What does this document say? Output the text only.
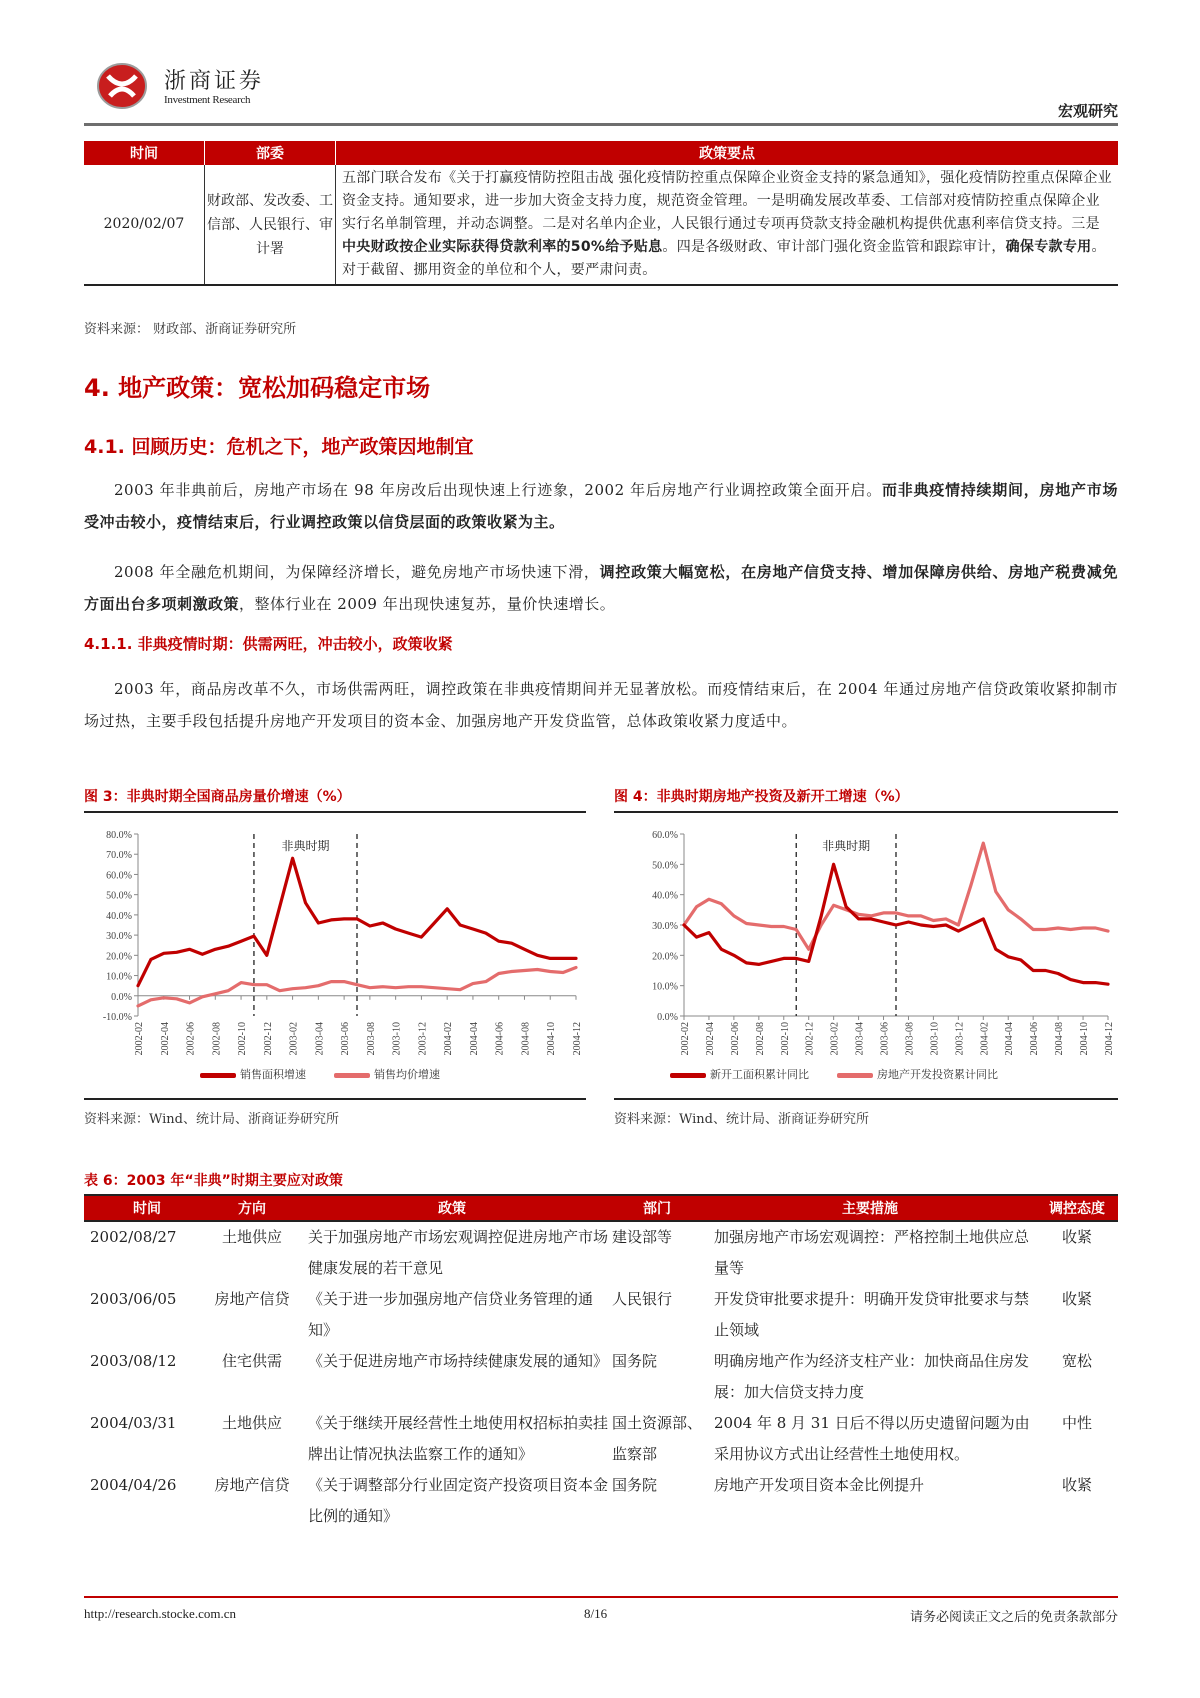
浙商证券
Investment Research
宏观研究
时间	部委	政策要点
2020/02/07	财政部、发改委、工信部、人民银行、审计署	五部门联合发布《关于打赢疫情防控阻击战 强化疫情防控重点保障企业资金支持的紧急通知》，强化疫情防控重点保障企业资金支持。通知要求，进一步加大资金支持力度，规范资金管理。一是明确发展改革委、工信部对疫情防控重点保障企业实行名单制管理，并动态调整。二是对名单内企业，人民银行通过专项再贷款支持金融机构提供优惠利率信贷支持。三是中央财政按企业实际获得贷款利率的50%给予贴息。四是各级财政、审计部门强化资金监管和跟踪审计，确保专款专用。对于截留、挪用资金的单位和个人，要严肃问责。
资料来源： 财政部、浙商证券研究所
4. 地产政策：宽松加码稳定市场
4.1. 回顾历史：危机之下，地产政策因地制宜
2003 年非典前后，房地产市场在 98 年房改后出现快速上行迹象，2002 年后房地产行业调控政策全面开启。而非典疫情持续期间，房地产市场受冲击较小，疫情结束后，行业调控政策以信贷层面的政策收紧为主。
2008 年全融危机期间，为保障经济增长，避免房地产市场快速下滑，调控政策大幅宽松，在房地产信贷支持、增加保障房供给、房地产税费减免方面出台多项刺激政策，整体行业在 2009 年出现快速复苏，量价快速增长。
4.1.1. 非典疫情时期：供需两旺，冲击较小，政策收紧
2003 年，商品房改革不久，市场供需两旺，调控政策在非典疫情期间并无显著放松。而疫情结束后，在 2004 年通过房地产信贷政策收紧抑制市场过热，主要手段包括提升房地产开发项目的资本金、加强房地产开发贷监管，总体政策收紧力度适中。
图 3：非典时期全国商品房量价增速（%）
80.0%
70.0%
60.0%
50.0%
40.0%
30.0%
20.0%
10.0%
0.0%
-10.0%
2002-02 2002-04 2002-06 2002-08 2002-10 2002-12 2003-02 2003-04 2003-06 2003-08 2003-10 2003-12 2004-02 2004-04 2004-06 2004-08 2004-10 2004-12
非典时期
销售面积增速	销售均价增速
资料来源：Wind、统计局、浙商证券研究所
图 4：非典时期房地产投资及新开工增速（%）
60.0%
50.0%
40.0%
30.0%
20.0%
10.0%
0.0%
2002-02 2002-04 2002-06 2002-08 2002-10 2002-12 2003-02 2003-04 2003-06 2003-08 2003-10 2003-12 2004-02 2004-04 2004-06 2004-08 2004-10 2004-12
非典时期
新开工面积累计同比	房地产开发投资累计同比
资料来源：Wind、统计局、浙商证券研究所
表 6：2003 年“非典”时期主要应对政策
时间	方向	政策	部门	主要措施	调控态度
2002/08/27	土地供应	关于加强房地产市场宏观调控促进房地产市场健康发展的若干意见	建设部等	加强房地产市场宏观调控：严格控制土地供应总量等	收紧
2003/06/05	房地产信贷	《关于进一步加强房地产信贷业务管理的通知》	人民银行	开发贷审批要求提升：明确开发贷审批要求与禁止领域	收紧
2003/08/12	住宅供需	《关于促进房地产市场持续健康发展的通知》	国务院	明确房地产作为经济支柱产业：加快商品住房发展：加大信贷支持力度	宽松
2004/03/31	土地供应	《关于继续开展经营性土地使用权招标拍卖挂牌出让情况执法监察工作的通知》	国土资源部、监察部	2004 年 8 月 31 日后不得以历史遗留问题为由采用协议方式出让经营性土地使用权。	中性
2004/04/26	房地产信贷	《关于调整部分行业固定资产投资项目资本金比例的通知》	国务院	房地产开发项目资本金比例提升	收紧
http://research.stocke.com.cn	8/16	请务必阅读正文之后的免责条款部分
